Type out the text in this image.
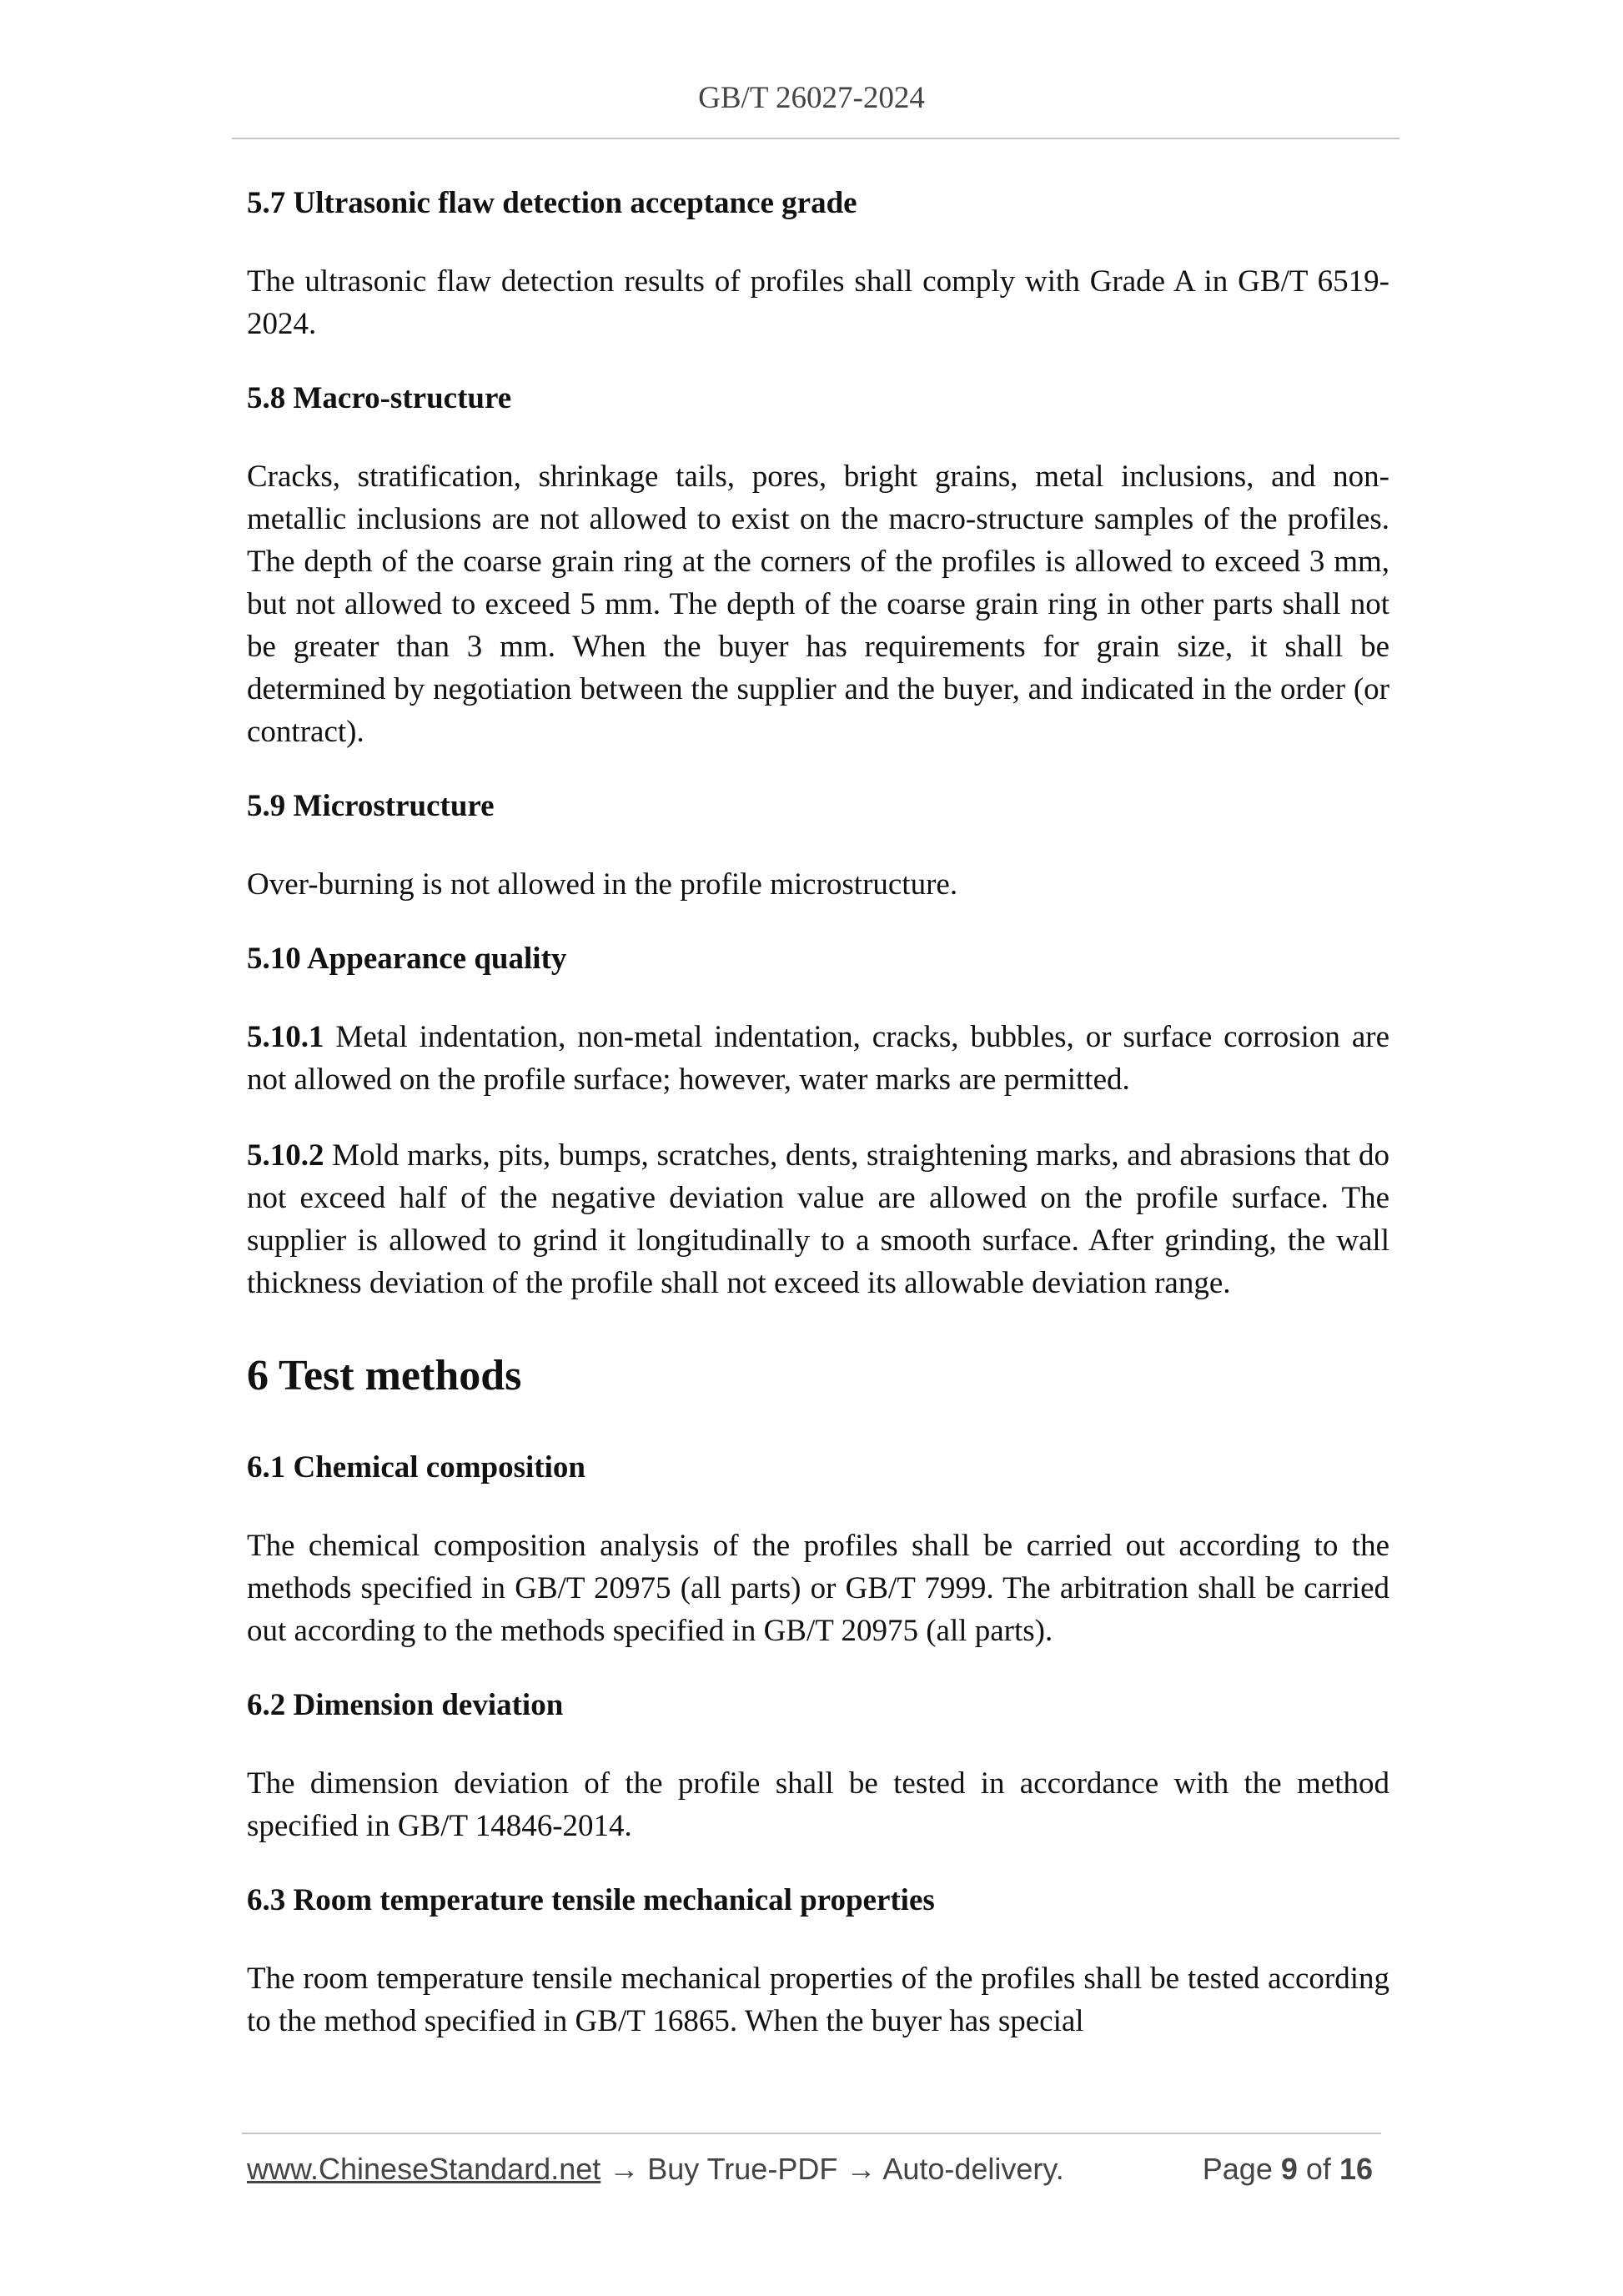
GB/T 26027-2024
5.7 Ultrasonic flaw detection acceptance grade

The ultrasonic flaw detection results of profiles shall comply with Grade A in GB/T 6519-2024.

5.8 Macro-structure

Cracks, stratification, shrinkage tails, pores, bright grains, metal inclusions, and non-metallic inclusions are not allowed to exist on the macro-structure samples of the profiles. The depth of the coarse grain ring at the corners of the profiles is allowed to exceed 3 mm, but not allowed to exceed 5 mm. The depth of the coarse grain ring in other parts shall not be greater than 3 mm. When the buyer has requirements for grain size, it shall be determined by negotiation between the supplier and the buyer, and indicated in the order (or contract).

5.9 Microstructure

Over-burning is not allowed in the profile microstructure.

5.10 Appearance quality

5.10.1 Metal indentation, non-metal indentation, cracks, bubbles, or surface corrosion are not allowed on the profile surface; however, water marks are permitted.

5.10.2 Mold marks, pits, bumps, scratches, dents, straightening marks, and abrasions that do not exceed half of the negative deviation value are allowed on the profile surface. The supplier is allowed to grind it longitudinally to a smooth surface. After grinding, the wall thickness deviation of the profile shall not exceed its allowable deviation range.

6 Test methods
6.1 Chemical composition

The chemical composition analysis of the profiles shall be carried out according to the methods specified in GB/T 20975 (all parts) or GB/T 7999. The arbitration shall be carried out according to the methods specified in GB/T 20975 (all parts).

6.2 Dimension deviation

The dimension deviation of the profile shall be tested in accordance with the method specified in GB/T 14846-2014.

6.3 Room temperature tensile mechanical properties

The room temperature tensile mechanical properties of the profiles shall be tested according to the method specified in GB/T 16865. When the buyer has special

www.ChineseStandard.net → Buy True-PDF → Auto-delivery.	Page 9 of 16
